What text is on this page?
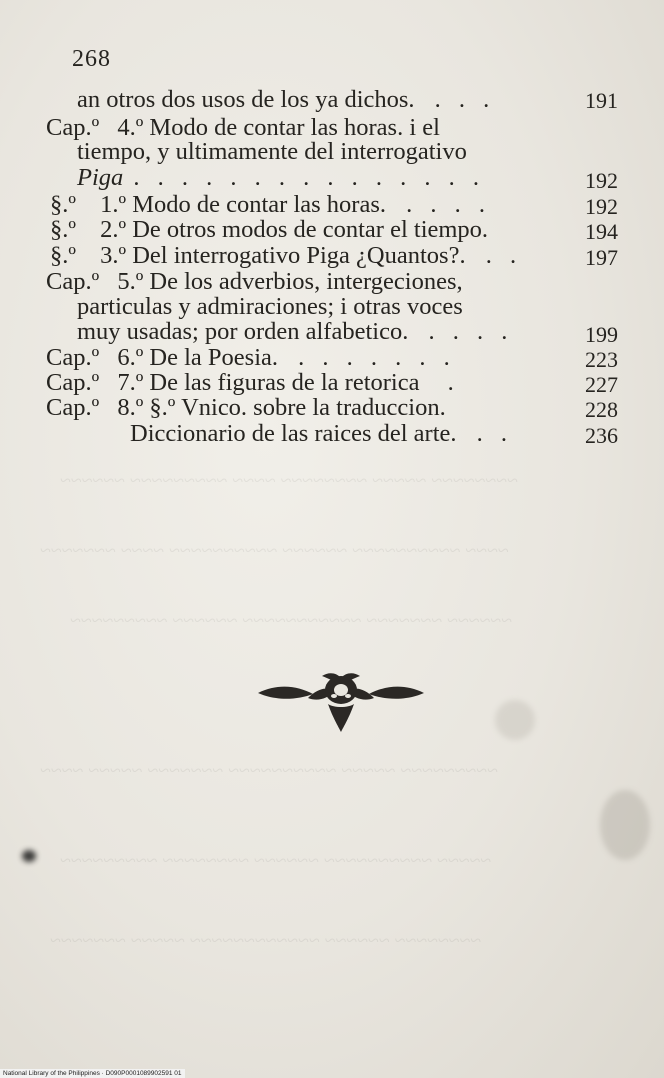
268
an otros dos usos de los ya dichos. . . .	191
Cap.º 4.º Modo de contar las horas. i el
tiempo, y ultimamente del interrogativo
Piga . . . . . . . . . . . . . . .	192
§.º 1.º Modo de contar las horas. . . . .	192
§.º 2.º De otros modos de contar el tiempo.	194
§.º 3.º Del interrogativo Piga ¿Quantos?. . .	197
Cap.º 5.º De los adverbios, intergeciones,
particulas y admiraciones; i otras voces
muy usadas; por orden alfabetico. . . . .	199
Cap.º 6.º De la Poesia. . . . . . . .	223
Cap.º 7.º De las figuras de la retorica .	227
Cap.º 8.º §.º Vnico. sobre la traduccion.	228
Diccionario de las raices del arte. . .	236
~~~~~~~~ ~~~~~ ~~~~~~~~ ~~~~ ~~~~~~~~~ ~~~~~~
~~~~ ~~~~~~~~~~ ~~~~~~ ~~~~~~~~~~ ~~~~ ~~~~~~~
~~~~~~ ~~~~~~~ ~~~~~~~~~~~ ~~~~~~ ~~~~~~~~~
~~~~~~~~~ ~~~~~ ~~~~~~~~~~ ~~~~~~~ ~~~~~ ~~~~
~~~~~ ~~~~~~~~~~ ~~~~~~ ~~~~~~~~ ~~~~~~~~~
~~~~~~~~ ~~~~~~ ~~~~~~~~~~~~ ~~~~~ ~~~~~~~
National Library of the Philippines · D090P0001089902591 01
